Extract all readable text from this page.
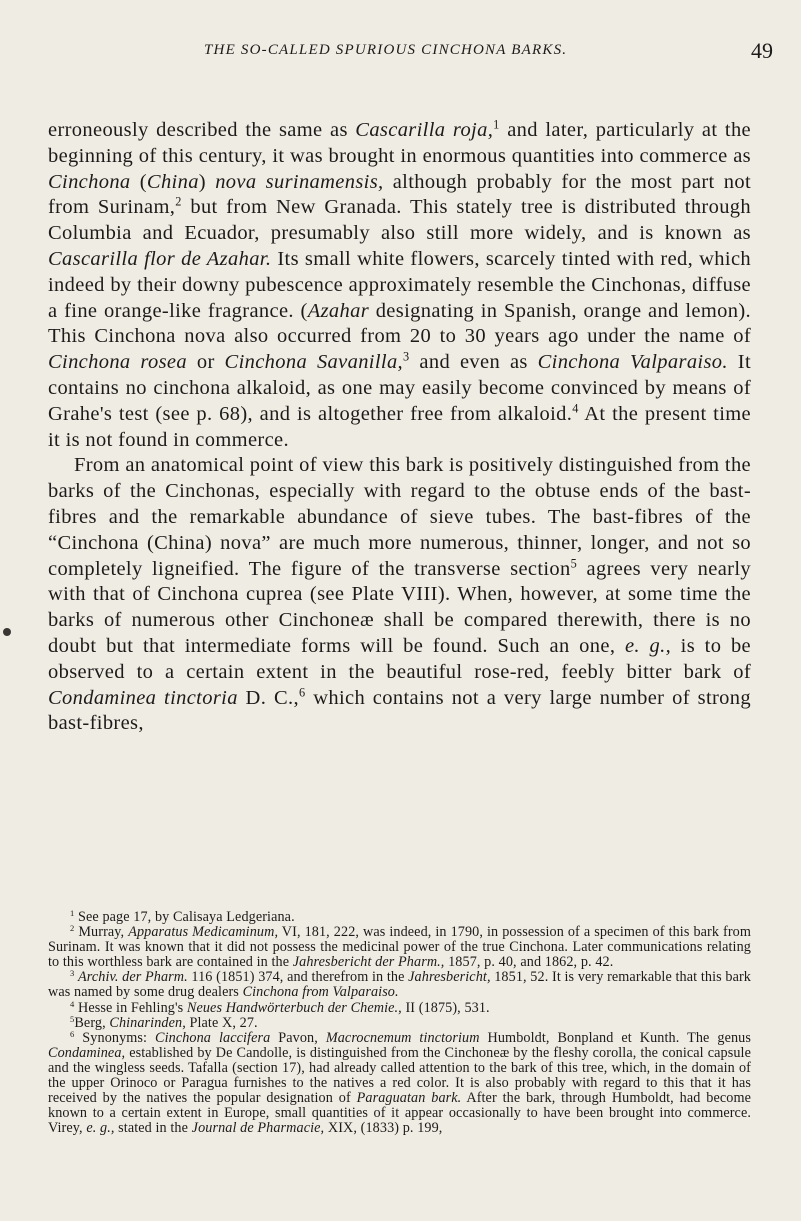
THE SO-CALLED SPURIOUS CINCHONA BARKS.	49

erroneously described the same as Cascarilla roja,$^1$ and later, particularly at the beginning of this century, it was brought in enormous quantities into commerce as Cinchona (China) nova surinamensis, although probably for the most part not from Surinam,$^2$ but from New Granada. This stately tree is distributed through Columbia and Ecuador, presumably also still more widely, and is known as Cascarilla flor de Azahar. Its small white flowers, scarcely tinted with red, which indeed by their downy pubescence approximately resemble the Cinchonas, diffuse a fine orange-like fragrance. (Azahar designating in Spanish, orange and lemon). This Cinchona nova also occurred from 20 to 30 years ago under the name of Cinchona rosea or Cinchona Savanilla,$^3$ and even as Cinchona Valparaiso. It contains no cinchona alkaloid, as one may easily become convinced by means of Grahe's test (see p. 68), and is altogether free from alkaloid.$^4$ At the present time it is not found in commerce.

From an anatomical point of view this bark is positively distinguished from the barks of the Cinchonas, especially with regard to the obtuse ends of the bast-fibres and the remarkable abundance of sieve tubes. The bast-fibres of the “Cinchona (China) nova” are much more numerous, thinner, longer, and not so completely ligneified. The figure of the transverse section$^5$ agrees very nearly with that of Cinchona cuprea (see Plate VIII). When, however, at some time the barks of numerous other Cinchoneæ shall be compared therewith, there is no doubt but that intermediate forms will be found. Such an one, e. g., is to be observed to a certain extent in the beautiful rose-red, feebly bitter bark of Condaminea tinctoria D. C.,$^6$ which contains not a very large number of strong bast-fibres,

$^1$ See page 17, by Calisaya Ledgeriana.

$^2$ Murray, Apparatus Medicaminum, VI, 181, 222, was indeed, in 1790, in possession of a specimen of this bark from Surinam. It was known that it did not possess the medicinal power of the true Cinchona. Later communications relating to this worthless bark are contained in the Jahresbericht der Pharm., 1857, p. 40, and 1862, p. 42.

$^3$ Archiv. der Pharm. 116 (1851) 374, and therefrom in the Jahresbericht, 1851, 52. It is very remarkable that this bark was named by some drug dealers Cinchona from Valparaiso.

$^4$ Hesse in Fehling's Neues Handwörterbuch der Chemie., II (1875), 531.

$^5$Berg, Chinarinden, Plate X, 27.

$^6$ Synonyms: Cinchona laccifera Pavon, Macrocnemum tinctorium Humboldt, Bonpland et Kunth. The genus Condaminea, established by De Candolle, is distinguished from the Cinchoneæ by the fleshy corolla, the conical capsule and the wingless seeds. Tafalla (section 17), had already called attention to the bark of this tree, which, in the domain of the upper Orinoco or Paragua furnishes to the natives a red color. It is also probably with regard to this that it has received by the natives the popular designation of Paraguatan bark. After the bark, through Humboldt, had become known to a certain extent in Europe, small quantities of it appear occasionally to have been brought into commerce. Virey, e. g., stated in the Journal de Pharmacie, XIX, (1833) p. 199,
